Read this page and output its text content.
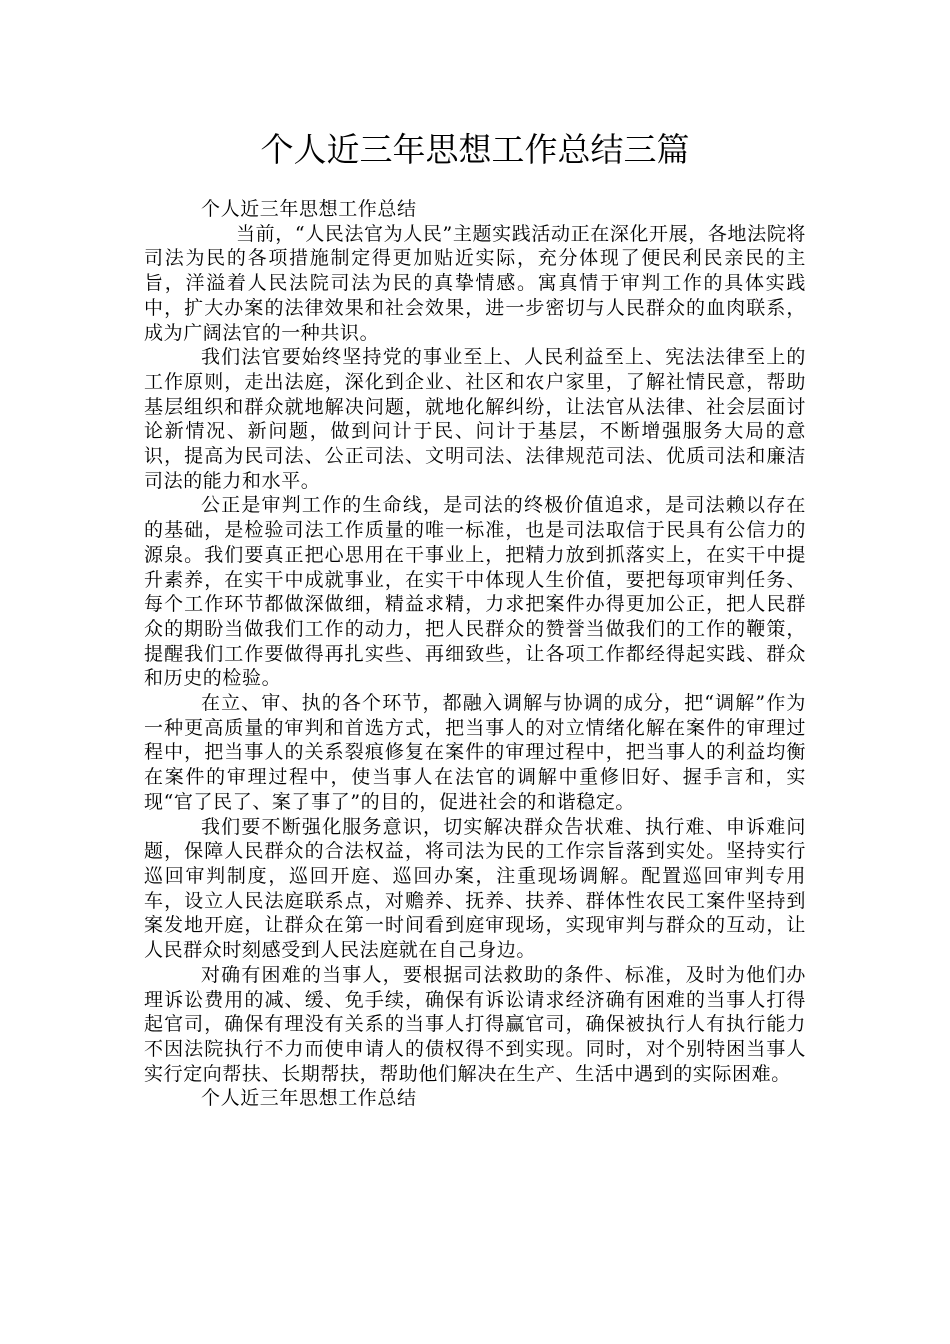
个人近三年思想工作总结三篇

个人近三年思想工作总结

当前，“人民法官为人民”主题实践活动正在深化开展，各地法院将司法为民的各项措施制定得更加贴近实际，充分体现了便民利民亲民的主旨，洋溢着人民法院司法为民的真挚情感。寓真情于审判工作的具体实践中，扩大办案的法律效果和社会效果，进一步密切与人民群众的血肉联系，成为广阔法官的一种共识。

我们法官要始终坚持党的事业至上、人民利益至上、宪法法律至上的工作原则，走出法庭，深化到企业、社区和农户家里，了解社情民意，帮助基层组织和群众就地解决问题，就地化解纠纷，让法官从法律、社会层面讨论新情况、新问题，做到问计于民、问计于基层，不断增强服务大局的意识，提高为民司法、公正司法、文明司法、法律规范司法、优质司法和廉洁司法的能力和水平。

公正是审判工作的生命线，是司法的终极价值追求，是司法赖以存在的基础，是检验司法工作质量的唯一标准，也是司法取信于民具有公信力的源泉。我们要真正把心思用在干事业上，把精力放到抓落实上，在实干中提升素养，在实干中成就事业，在实干中体现人生价值，要把每项审判任务、每个工作环节都做深做细，精益求精，力求把案件办得更加公正，把人民群众的期盼当做我们工作的动力，把人民群众的赞誉当做我们的工作的鞭策，提醒我们工作要做得再扎实些、再细致些，让各项工作都经得起实践、群众和历史的检验。

在立、审、执的各个环节，都融入调解与协调的成分，把“调解”作为一种更高质量的审判和首选方式，把当事人的对立情绪化解在案件的审理过程中，把当事人的关系裂痕修复在案件的审理过程中，把当事人的利益均衡在案件的审理过程中，使当事人在法官的调解中重修旧好、握手言和，实现“官了民了、案了事了”的目的，促进社会的和谐稳定。

我们要不断强化服务意识，切实解决群众告状难、执行难、申诉难问题，保障人民群众的合法权益，将司法为民的工作宗旨落到实处。坚持实行巡回审判制度，巡回开庭、巡回办案，注重现场调解。配置巡回审判专用车，设立人民法庭联系点，对赡养、抚养、扶养、群体性农民工案件坚持到案发地开庭，让群众在第一时间看到庭审现场，实现审判与群众的互动，让人民群众时刻感受到人民法庭就在自己身边。

对确有困难的当事人，要根据司法救助的条件、标准，及时为他们办理诉讼费用的减、缓、免手续，确保有诉讼请求经济确有困难的当事人打得起官司，确保有理没有关系的当事人打得赢官司，确保被执行人有执行能力不因法院执行不力而使申请人的债权得不到实现。同时，对个别特困当事人实行定向帮扶、长期帮扶，帮助他们解决在生产、生活中遇到的实际困难。

个人近三年思想工作总结
